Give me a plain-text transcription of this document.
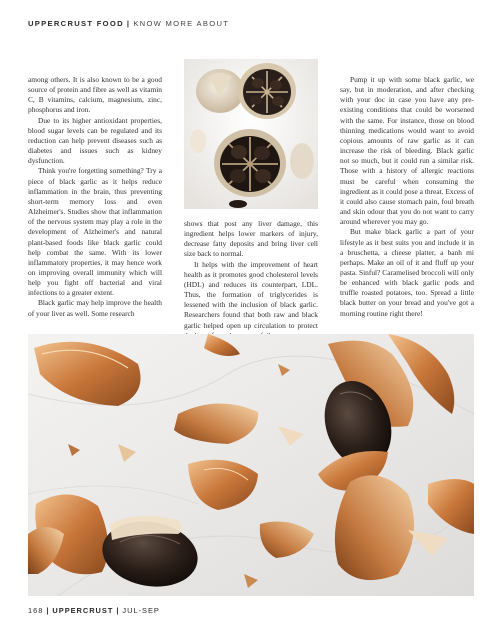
UPPERCRUST FOOD | KNOW MORE ABOUT

among others. It is also known to be a good source of protein and fibre as well as vitamin C, B vitamins, calcium, magnesium, zinc, phosphorus and iron.

Due to its higher antioxidant properties, blood sugar levels can be regulated and its reduction can help prevent diseases such as diabetes and issues such as kidney dysfunction.

Think you're forgetting something? Try a piece of black garlic as it helps reduce inflammation in the brain, thus preventing short-term memory loss and even Alzheimer's. Studies show that inflammation of the nervous system may play a role in the development of Alzheimer's and natural plant-based foods like black garlic could help combat the same. With its lower inflammatory properties, it may hence work on improving overall immunity which will help you fight off bacterial and viral infections to a greater extent.

Black garlic may help improve the health of your liver as well. Some research

shows that post any liver damage, this ingredient helps lower markers of injury, decrease fatty deposits and bring liver cell size back to normal.

It helps with the improvement of heart health as it promotes good cholesterol levels (HDL) and reduces its counterpart, LDL. Thus, the formation of triglycerides is lessened with the inclusion of black garlic. Researchers found that both raw and black garlic helped open up circulation to protect

Pump it up with some black garlic, we say, but in moderation, and after checking with your doc in case you have any pre-existing conditions that could be worsened with the same. For instance, those on blood thinning medications would want to avoid copious amounts of raw garlic as it can increase the risk of bleeding. Black garlic not so much, but it could run a similar risk. Those with a history of allergic reactions must be careful when consuming the ingredient as it could pose a threat. Excess of it could also cause stomach pain, foul breath and skin odour that you do not want to carry around wherever you may go.

But make black garlic a part of your lifestyle as it best suits you and include it in a bruschetta, a cheese platter, a banh mi perhaps. Make an oil of it and fluff up your pasta. Sinful? Caramelised broccoli will only be enhanced with black garlic pods and truffle roasted potatoes, too. Spread a little black butter on your bread and you've got a morning routine right there!

168 | UPPERCRUST | JUL-SEP
